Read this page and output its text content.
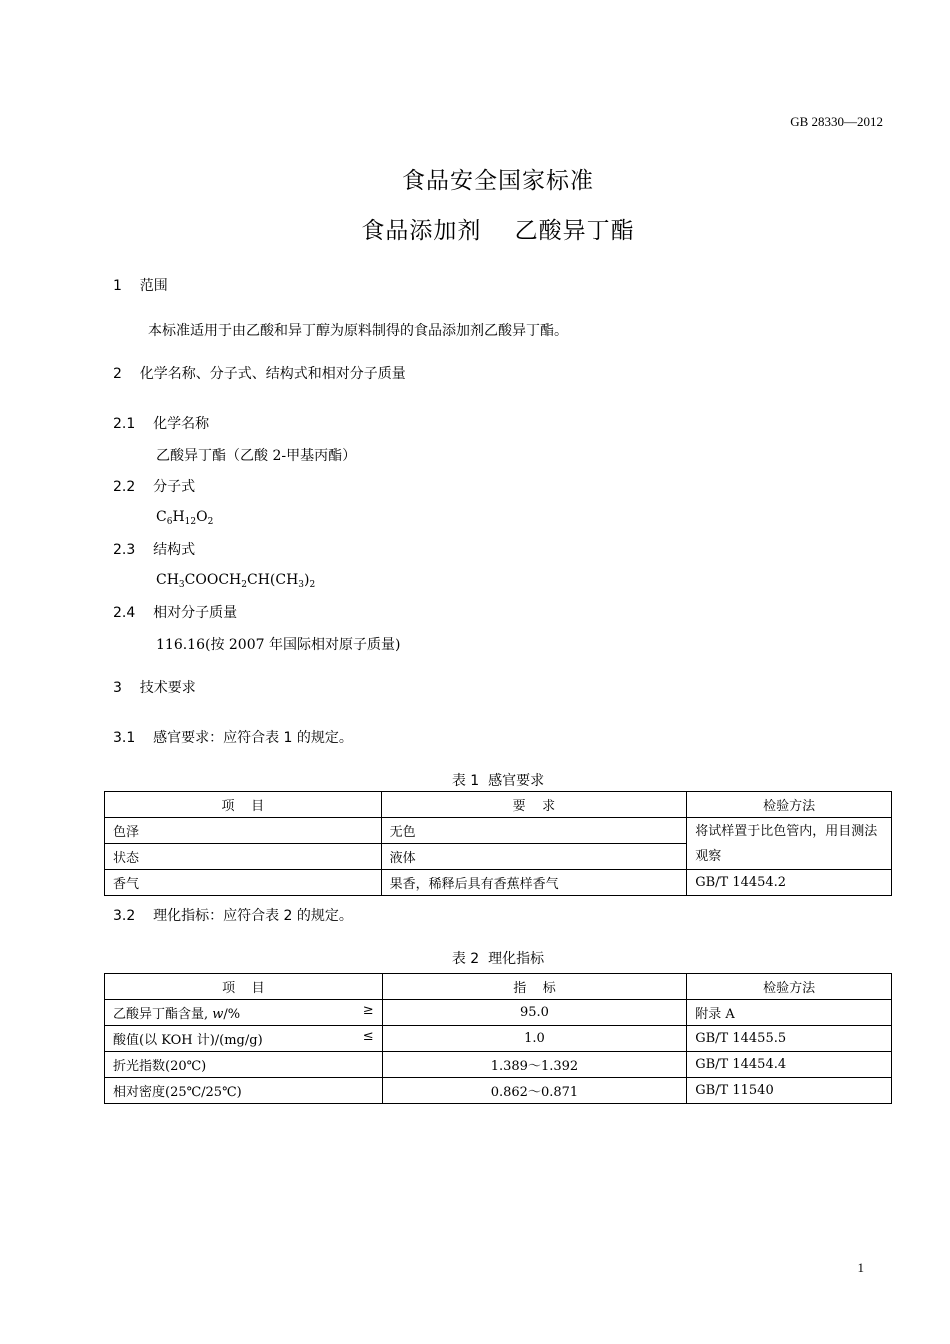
GB 28330—2012
食品安全国家标准
食品添加剂    乙酸异丁酯
1    范围
本标准适用于由乙酸和异丁醇为原料制得的食品添加剂乙酸异丁酯。
2    化学名称、分子式、结构式和相对分子质量
2.1    化学名称
乙酸异丁酯（乙酸 2-甲基丙酯）
2.2    分子式
$C_6H_{12}O_2$
2.3    结构式
$CH_3COOCH_2CH(CH_3)_2$
2.4    相对分子质量
116.16(按 2007 年国际相对原子质量)
3    技术要求
3.1    感官要求：应符合表 1 的规定。
表 1  感官要求
项    目	要    求	检验方法
色泽	无色	将试样置于比色管内，用目测法观察
状态	液体	
香气	果香，稀释后具有香蕉样香气	GB/T 14454.2
3.2    理化指标：应符合表 2 的规定。
表 2  理化指标
项    目	指    标	检验方法

乙酸异丁酯含量, w/% ≥	95.0	附录 A

酸值(以 KOH 计)/(mg/g) ≤	1.0	GB/T 14455.5
折光指数(20℃)	1.389～1.392	GB/T 14454.4
相对密度(25℃/25℃)	0.862～0.871	GB/T 11540
1
